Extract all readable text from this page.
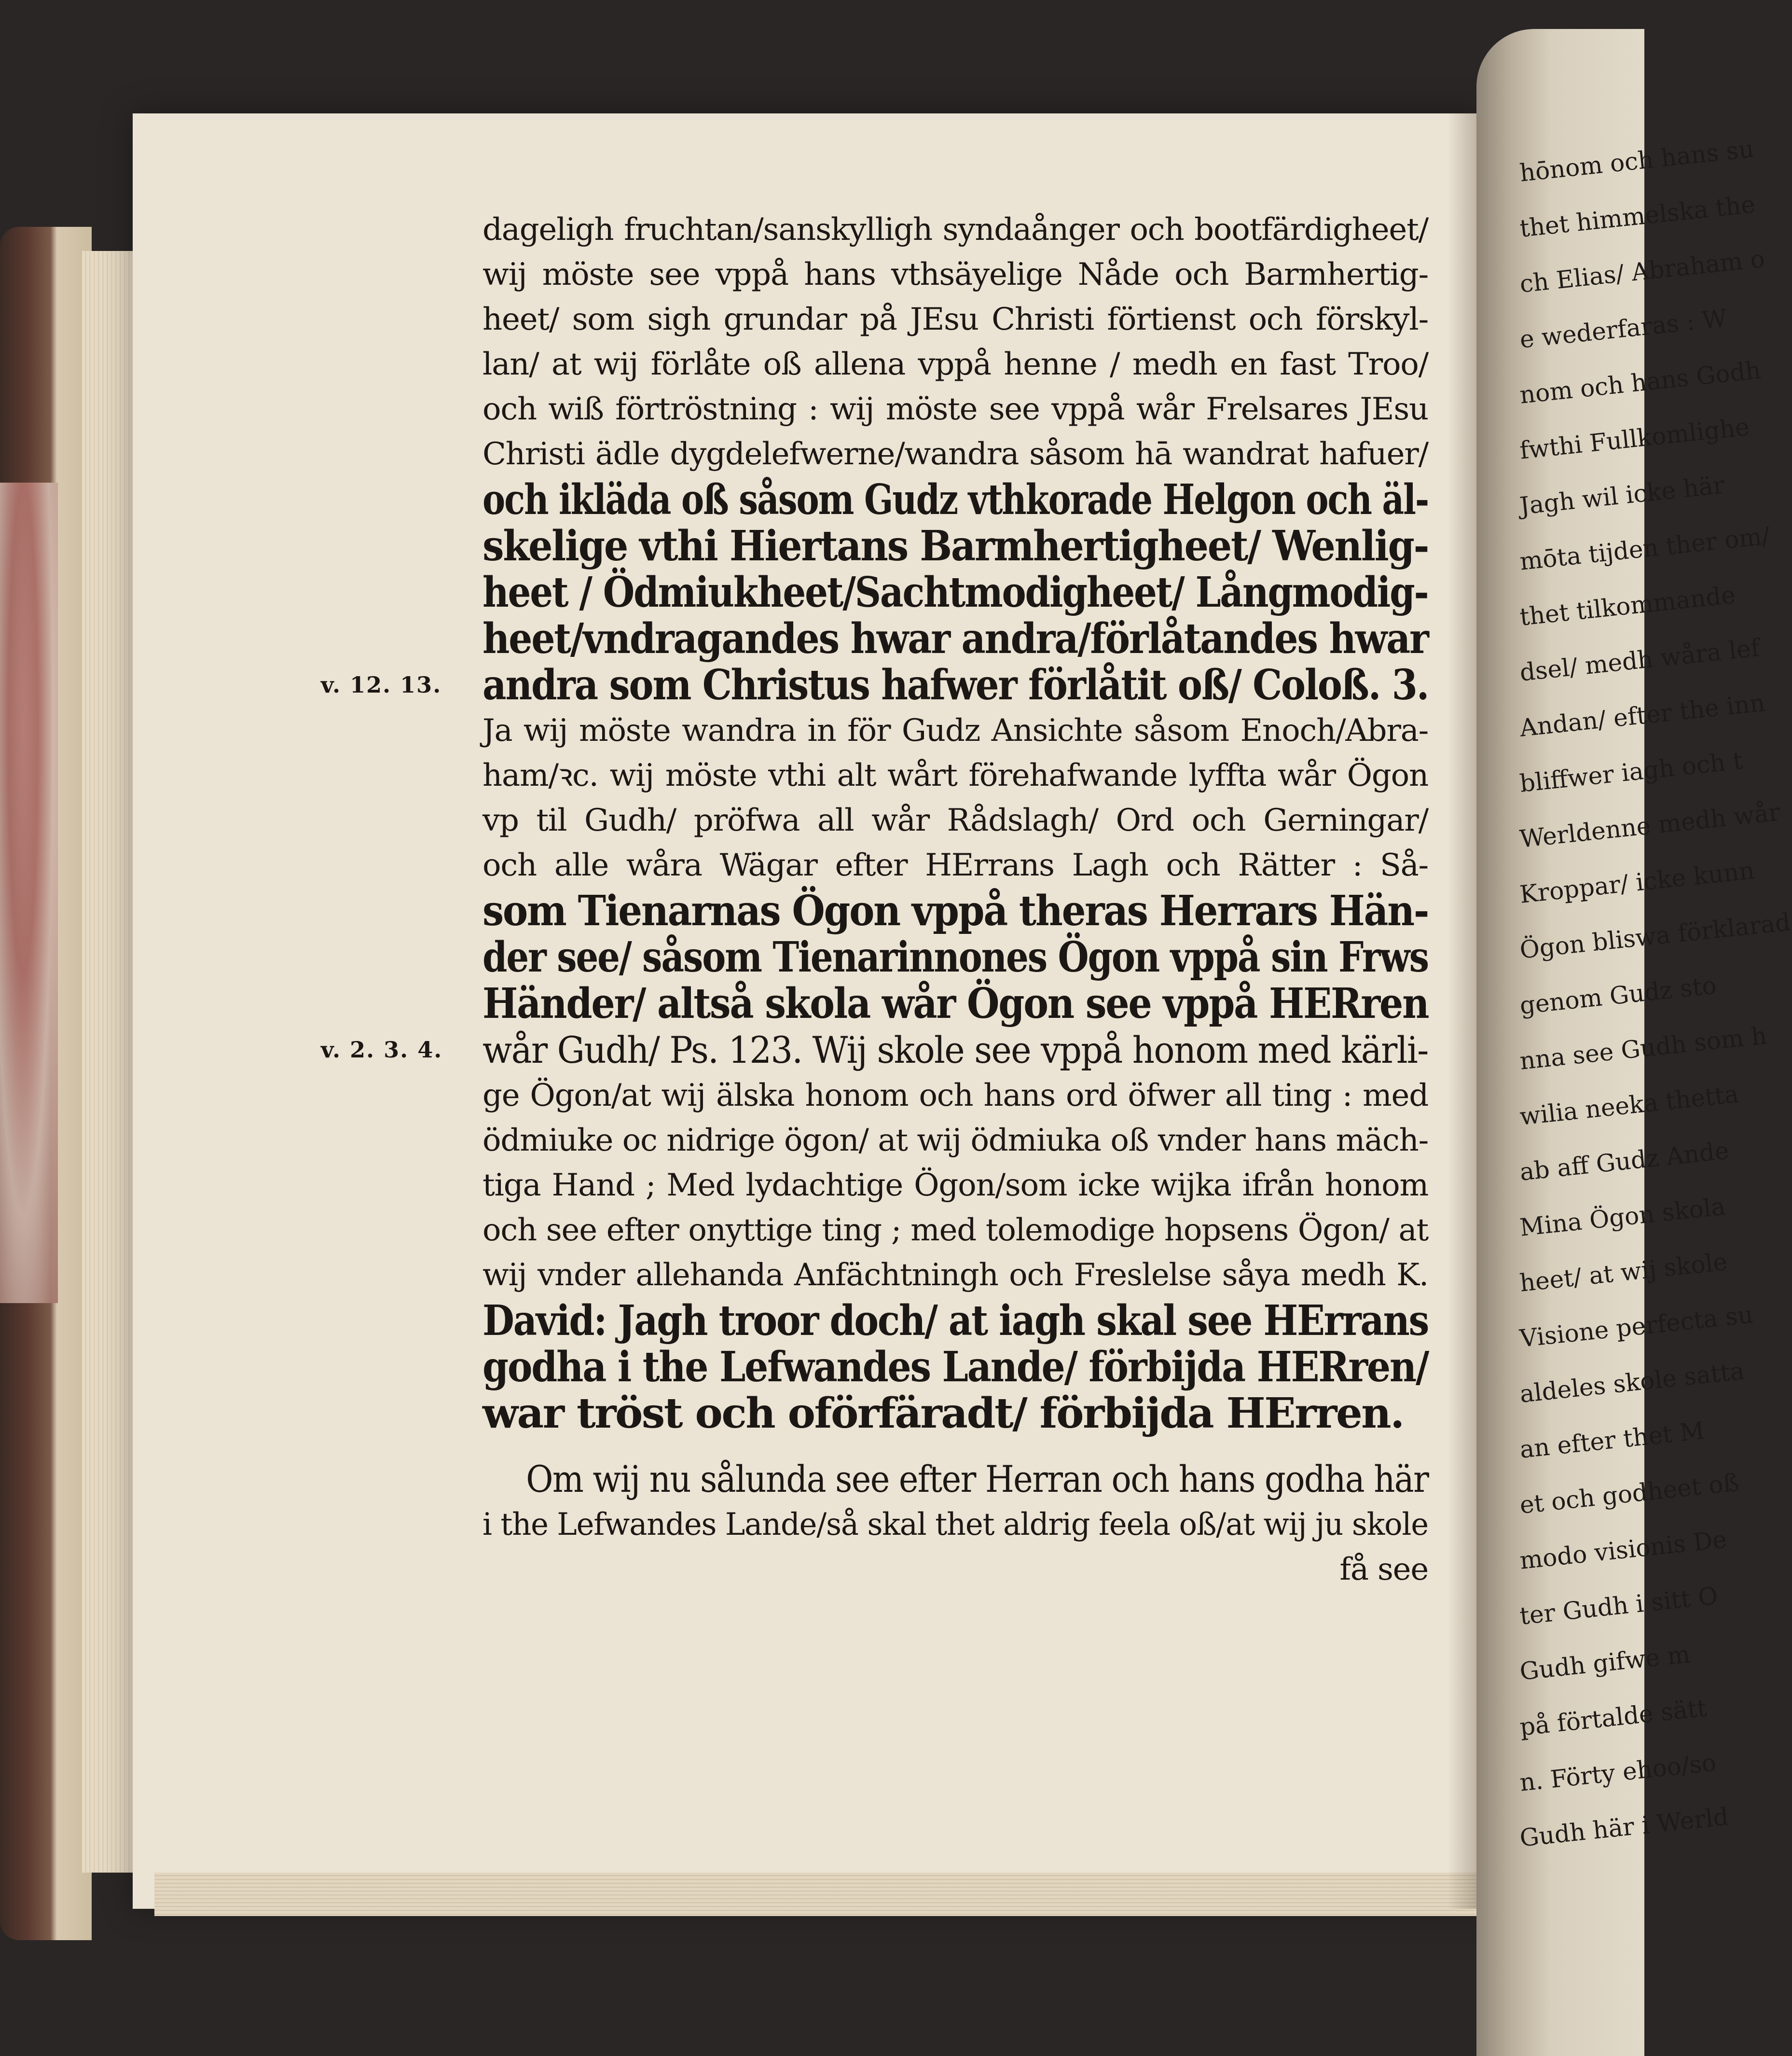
dageligh fruchtan/sanskylligh syndaånger och bootfärdigheet/
wij möste see vppå hans vthsäyelige Nåde och Barmhertig-
heet/ som sigh grundar på JEsu Christi förtienst och förskyl-
lan/ at wij förlåte oß allena vppå henne / medh en fast Troo/
och wiß förtröstning : wij möste see vppå wår Frelsares JEsu
Christi ädle dygdelefwerne/wandra såsom hā wandrat hafuer/
och ikläda oß såsom Gudz vthkorade Helgon och äl-
skelige vthi Hiertans Barmhertigheet/ Wenlig-
heet / Ödmiukheet/Sachtmodigheet/ Långmodig-
heet/vndragandes hwar andra/förlåtandes hwar
andra som Christus hafwer förlåtit oß/ Coloß. 3.
Ja wij möste wandra in för Gudz Ansichte såsom Enoch/Abra-
ham/ꝛc. wij möste vthi alt wårt förehafwande lyffta wår Ögon
vp til Gudh/ pröfwa all wår Rådslagh/ Ord och Gerningar/
och alle wåra Wägar efter HErrans Lagh och Rätter : Så-
som Tienarnas Ögon vppå theras Herrars Hän-
der see/ såsom Tienarinnones Ögon vppå sin Frws
Händer/ altså skola wår Ögon see vppå HERren
wår Gudh/ Ps. 123. Wij skole see vppå honom med kärli-
ge Ögon/at wij älska honom och hans ord öfwer all ting : med
ödmiuke oc nidrige ögon/ at wij ödmiuka oß vnder hans mäch-
tiga Hand ; Med lydachtige Ögon/som icke wijka ifrån honom
och see efter onyttige ting ; med tolemodige hopsens Ögon/ at
wij vnder allehanda Anfächtningh och Freslelse såya medh K.
David: Jagh troor doch/ at iagh skal see HErrans
godha i the Lefwandes Lande/ förbijda HERren/
war tröst och oförfäradt/ förbijda HErren.
Om wij nu sålunda see efter Herran och hans godha här
i the Lefwandes Lande/så skal thet aldrig feela oß/at wij ju skole
få see
v. 12. 13.
v. 2. 3. 4.
hōnom och hans su
thet himmelska the
ch Elias/ Abraham o
e wederfaras : W
nom och hans Godh
fwthi Fullkomlighe
Jagh wil icke här
mōta tijden ther om/
thet tilkommande
dsel/ medh wåra lef
Andan/ efter the inn
bliffwer iagh och t
Werldenne medh wår
Kroppar/ icke kunn
Ögon bliswa förklarad
genom Gudz sto
nna see Gudh som h
wilia neeka thetta
ab aff Gudz Ande
Mina Ögon skola
heet/ at wij skole
Visione perfecta su
aldeles skole satta
an efter thet M
et och godheet oß
modo visionis De
ter Gudh i sitt O
Gudh gifwe m
på förtalde sätt
n. Förty ehoo/so
Gudh här i Werld
